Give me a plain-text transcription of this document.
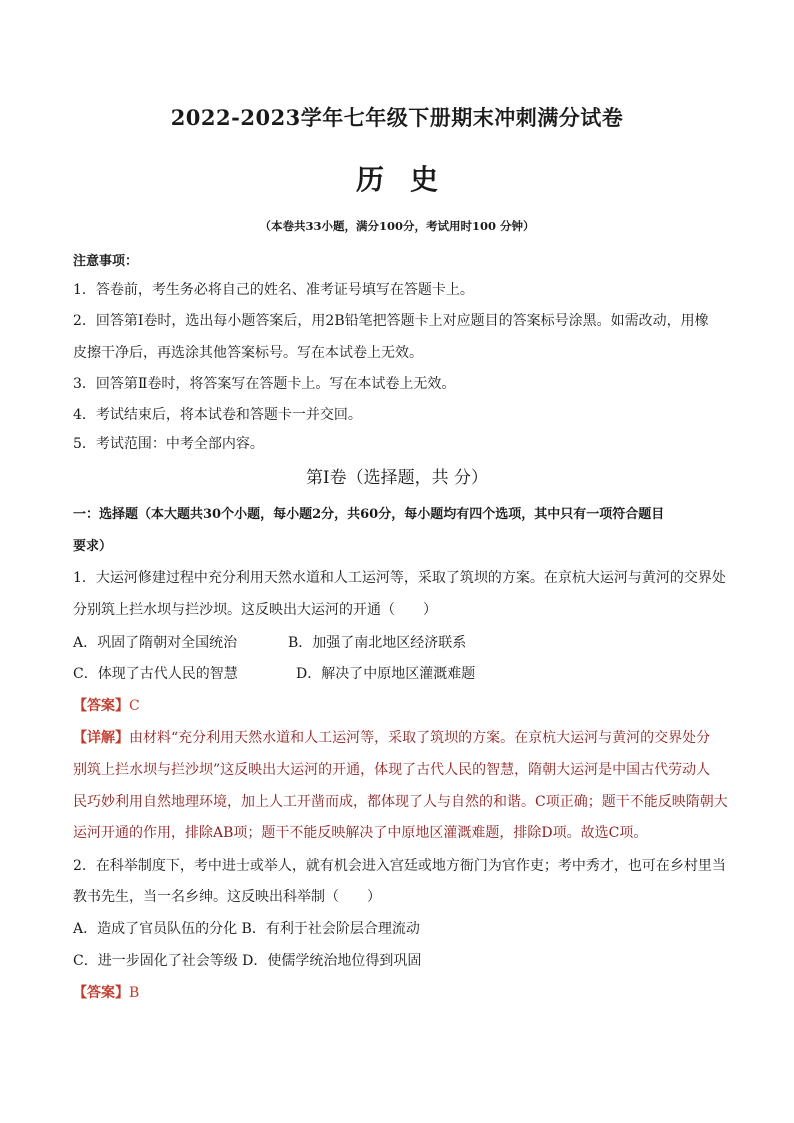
2022-2023学年七年级下册期末冲刺满分试卷
历史
（本卷共33小题，满分100分，考试用时100 分钟）
注意事项：
1．答卷前，考生务必将自己的姓名、准考证号填写在答题卡上。
2．回答第Ⅰ卷时，选出每小题答案后，用2B铅笔把答题卡上对应题目的答案标号涂黑。如需改动，用橡
皮擦干净后，再选涂其他答案标号。写在本试卷上无效。
3．回答第Ⅱ卷时，将答案写在答题卡上。写在本试卷上无效。
4．考试结束后，将本试卷和答题卡一并交回。
5．考试范围：中考全部内容。
第Ⅰ卷（选择题，共 分）
一：选择题（本大题共30个小题，每小题2分，共60分，每小题均有四个选项，其中只有一项符合题目
要求）
1．大运河修建过程中充分利用天然水道和人工运河等，采取了筑坝的方案。在京杭大运河与黄河的交界处
分别筑上拦水坝与拦沙坝。这反映出大运河的开通（　　）
A．巩固了隋朝对全国统治	B．加强了南北地区经济联系
C．体现了古代人民的智慧	D．解决了中原地区灌溉难题
【答案】C
【详解】由材料“充分利用天然水道和人工运河等，采取了筑坝的方案。在京杭大运河与黄河的交界处分
别筑上拦水坝与拦沙坝”这反映出大运河的开通，体现了古代人民的智慧，隋朝大运河是中国古代劳动人
民巧妙利用自然地理环境，加上人工开凿而成，都体现了人与自然的和谐。C项正确；题干不能反映隋朝大
运河开通的作用，排除AB项；题干不能反映解决了中原地区灌溉难题，排除D项。故选C项。
2．在科举制度下，考中进士或举人，就有机会进入宫廷或地方衙门为官作吏；考中秀才，也可在乡村里当
教书先生，当一名乡绅。这反映出科举制（　　）
A．造成了官员队伍的分化 B．有利于社会阶层合理流动
C．进一步固化了社会等级 D．使儒学统治地位得到巩固
【答案】B
